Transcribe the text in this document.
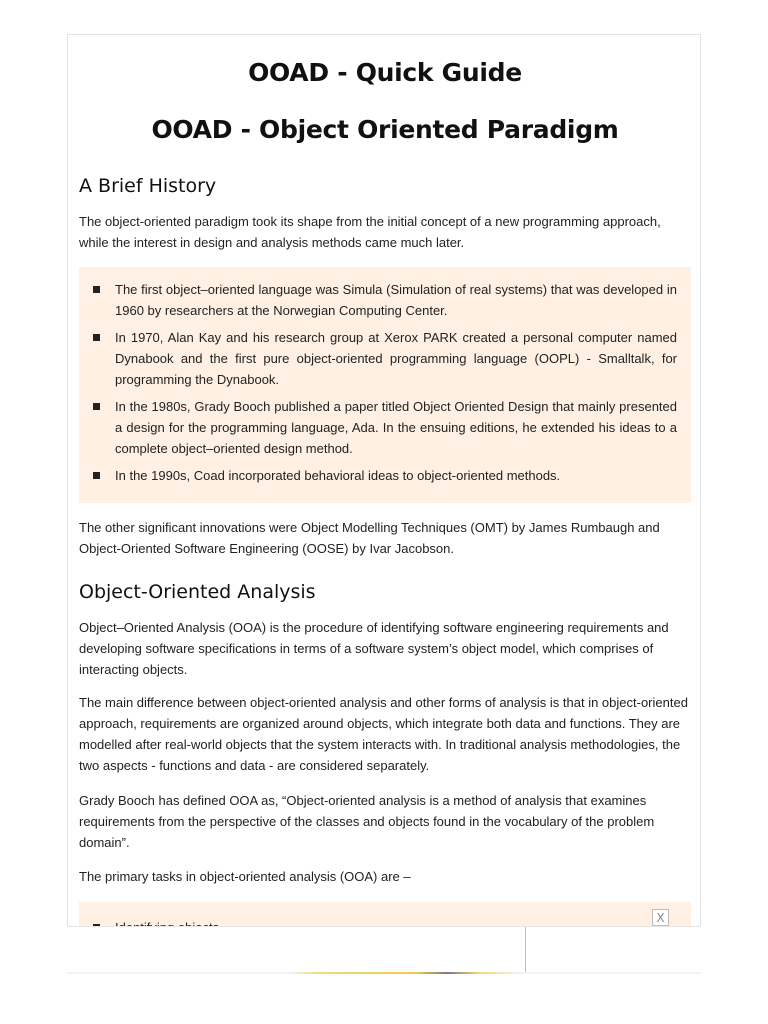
OOAD - Quick Guide
OOAD - Object Oriented Paradigm
A Brief History

The object-oriented paradigm took its shape from the initial concept of a new programming approach, while the interest in design and analysis methods came much later.

The first object–oriented language was Simula (Simulation of real systems) that was developed in 1960 by researchers at the Norwegian Computing Center.
In 1970, Alan Kay and his research group at Xerox PARK created a personal computer named Dynabook and the first pure object-oriented programming language (OOPL) - Smalltalk, for programming the Dynabook.
In the 1980s, Grady Booch published a paper titled Object Oriented Design that mainly presented a design for the programming language, Ada. In the ensuing editions, he extended his ideas to a complete object–oriented design method.
In the 1990s, Coad incorporated behavioral ideas to object-oriented methods.

The other significant innovations were Object Modelling Techniques (OMT) by James Rumbaugh and Object-Oriented Software Engineering (OOSE) by Ivar Jacobson.

Object-Oriented Analysis

Object–Oriented Analysis (OOA) is the procedure of identifying software engineering requirements and developing software specifications in terms of a software system’s object model, which comprises of interacting objects.

The main difference between object-oriented analysis and other forms of analysis is that in object-oriented approach, requirements are organized around objects, which integrate both data and functions. They are modelled after real-world objects that the system interacts with. In traditional analysis methodologies, the two aspects - functions and data - are considered separately.

Grady Booch has defined OOA as, “Object-oriented analysis is a method of analysis that examines requirements from the perspective of the classes and objects found in the vocabulary of the problem domain”.

The primary tasks in object-oriented analysis (OOA) are –

X
